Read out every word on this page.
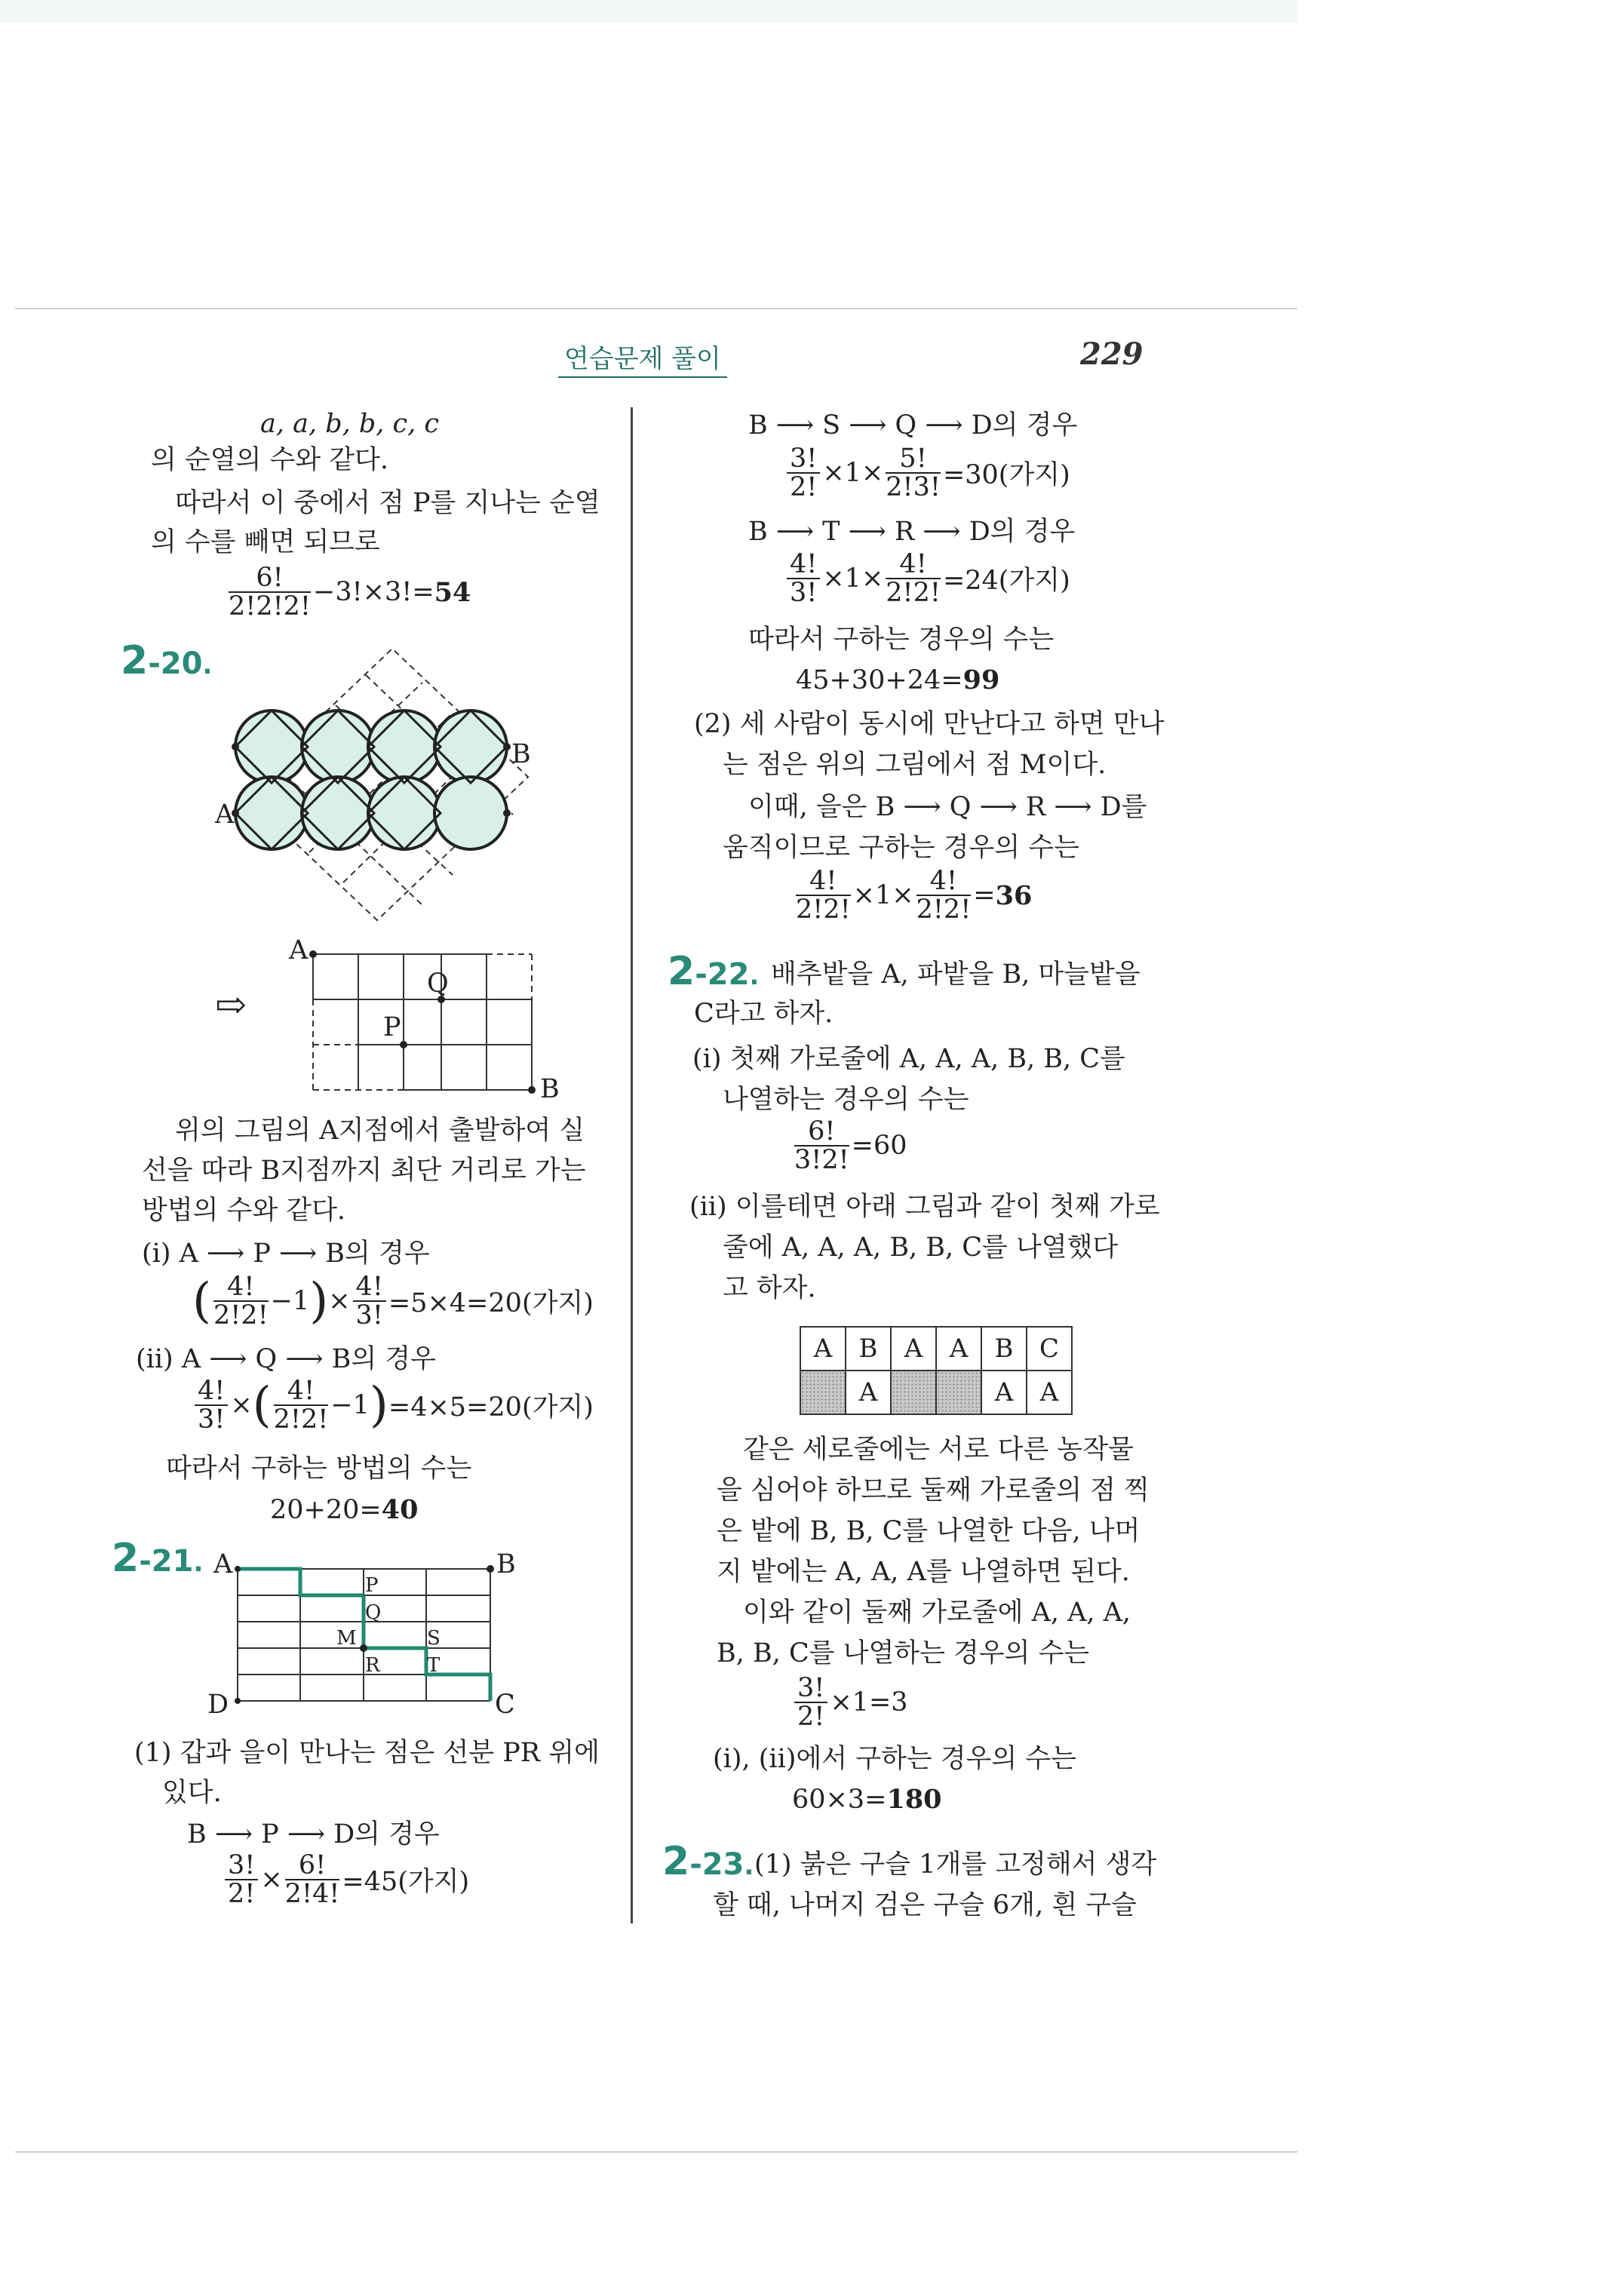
연습문제 풀이	229
a, a, b, b, c, c
의 순열의 수와 같다.
따라서 이 중에서 점 P를 지나는 순열
의 수를 빼면 되므로
$\frac{6!}{2!2!2!} -3!\times 3!= 54$
2-20.
A
B
⇨
A
Q
P
B
위의 그림의 A지점에서 출발하여 실
선을 따라 B지점까지 최단 거리로 가는
방법의 수와 같다.
(i) A ⟶ P ⟶ B의 경우
( $\frac{4!}{2!2!} -1$ ) × $\frac{4!}{3!} =5\times 4=20$(가지)
(ii) A ⟶ Q ⟶ B의 경우
$\frac{4!}{3!}$ × ( $\frac{4!}{2!2!} -1$ ) =4×5=20(가지)
따라서 구하는 방법의 수는
20+20=40
2-21. A	B
D	C
P
Q
M	S
R T
(1) 갑과 을이 만나는 점은 선분 PR 위에
있다.
B ⟶ P ⟶ D의 경우
$\frac{3!}{2!} \times \frac{6!}{2!4!} =45$(가지)
B ⟶ S ⟶ Q ⟶ D의 경우
$\frac{3!}{2!} \times 1\times \frac{5!}{2!3!} =30$(가지)
B ⟶ T ⟶ R ⟶ D의 경우
$\frac{4!}{3!} \times 1\times \frac{4!}{2!2!} =24$(가지)
따라서 구하는 경우의 수는
45+30+24=99
(2) 세 사람이 동시에 만난다고 하면 만나
는 점은 위의 그림에서 점 M이다.
이때, 을은 B ⟶ Q ⟶ R ⟶ D를
움직이므로 구하는 경우의 수는
$\frac{4!}{2!2!} \times 1\times \frac{4!}{2!2!} = 36$
2-22. 배추밭을 A, 파밭을 B, 마늘밭을
C라고 하자.
(i) 첫째 가로줄에 A, A, A, B, B, C를
나열하는 경우의 수는
$\frac{6!}{3!2!} =60$
(ii) 이를테면 아래 그림과 같이 첫째 가로
줄에 A, A, A, B, B, C를 나열했다
고 하자.
A	B	A	A	B	C
	A			A	A
같은 세로줄에는 서로 다른 농작물
을 심어야 하므로 둘째 가로줄의 점 찍
은 밭에 B, B, C를 나열한 다음, 나머
지 밭에는 A, A, A를 나열하면 된다.
이와 같이 둘째 가로줄에 A, A, A,
B, B, C를 나열하는 경우의 수는
$\frac{3!}{2!} \times 1=3$
(i), (ii)에서 구하는 경우의 수는
60×3=180
2-23. (1) 붉은 구슬 1개를 고정해서 생각
할 때, 나머지 검은 구슬 6개, 흰 구슬
